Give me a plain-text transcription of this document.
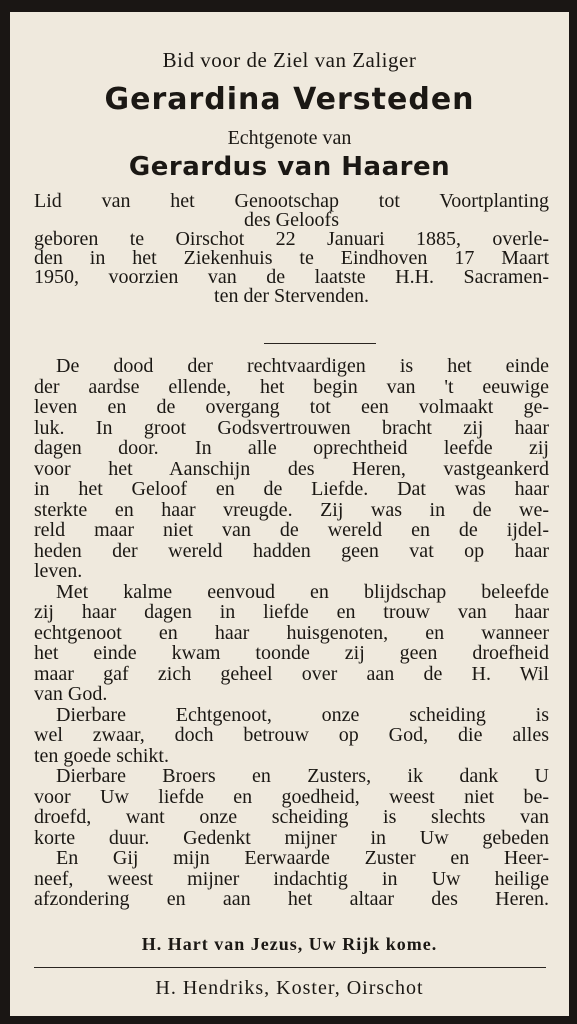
Bid voor de Ziel van Zaliger

Gerardina Versteden

Echtgenote van

Gerardus van Haaren

Lid van het Genootschap tot Voortplanting
des Geloofs
geboren te Oirschot 22 Januari 1885, overle-
den in het Ziekenhuis te Eindhoven 17 Maart
1950, voorzien van de laatste H.H. Sacramen-
ten der Stervenden.
De dood der rechtvaardigen is het einde
der aardse ellende, het begin van 't eeuwige
leven en de overgang tot een volmaakt ge-
luk. In groot Godsvertrouwen bracht zij haar
dagen door. In alle oprechtheid leefde zij
voor het Aanschijn des Heren, vastgeankerd
in het Geloof en de Liefde. Dat was haar
sterkte en haar vreugde. Zij was in de we-
reld maar niet van de wereld en de ijdel-
heden der wereld hadden geen vat op haar
leven.
Met kalme eenvoud en blijdschap beleefde
zij haar dagen in liefde en trouw van haar
echtgenoot en haar huisgenoten, en wanneer
het einde kwam toonde zij geen droefheid
maar gaf zich geheel over aan de H. Wil
van God.
Dierbare Echtgenoot, onze scheiding is
wel zwaar, doch betrouw op God, die alles
ten goede schikt.
Dierbare Broers en Zusters, ik dank U
voor Uw liefde en goedheid, weest niet be-
droefd, want onze scheiding is slechts van
korte duur. Gedenkt mijner in Uw gebeden
En Gij mijn Eerwaarde Zuster en Heer-
neef, weest mijner indachtig in Uw heilige
afzondering en aan het altaar des Heren.

H. Hart van Jezus, Uw Rijk kome.

H. Hendriks, Koster, Oirschot
